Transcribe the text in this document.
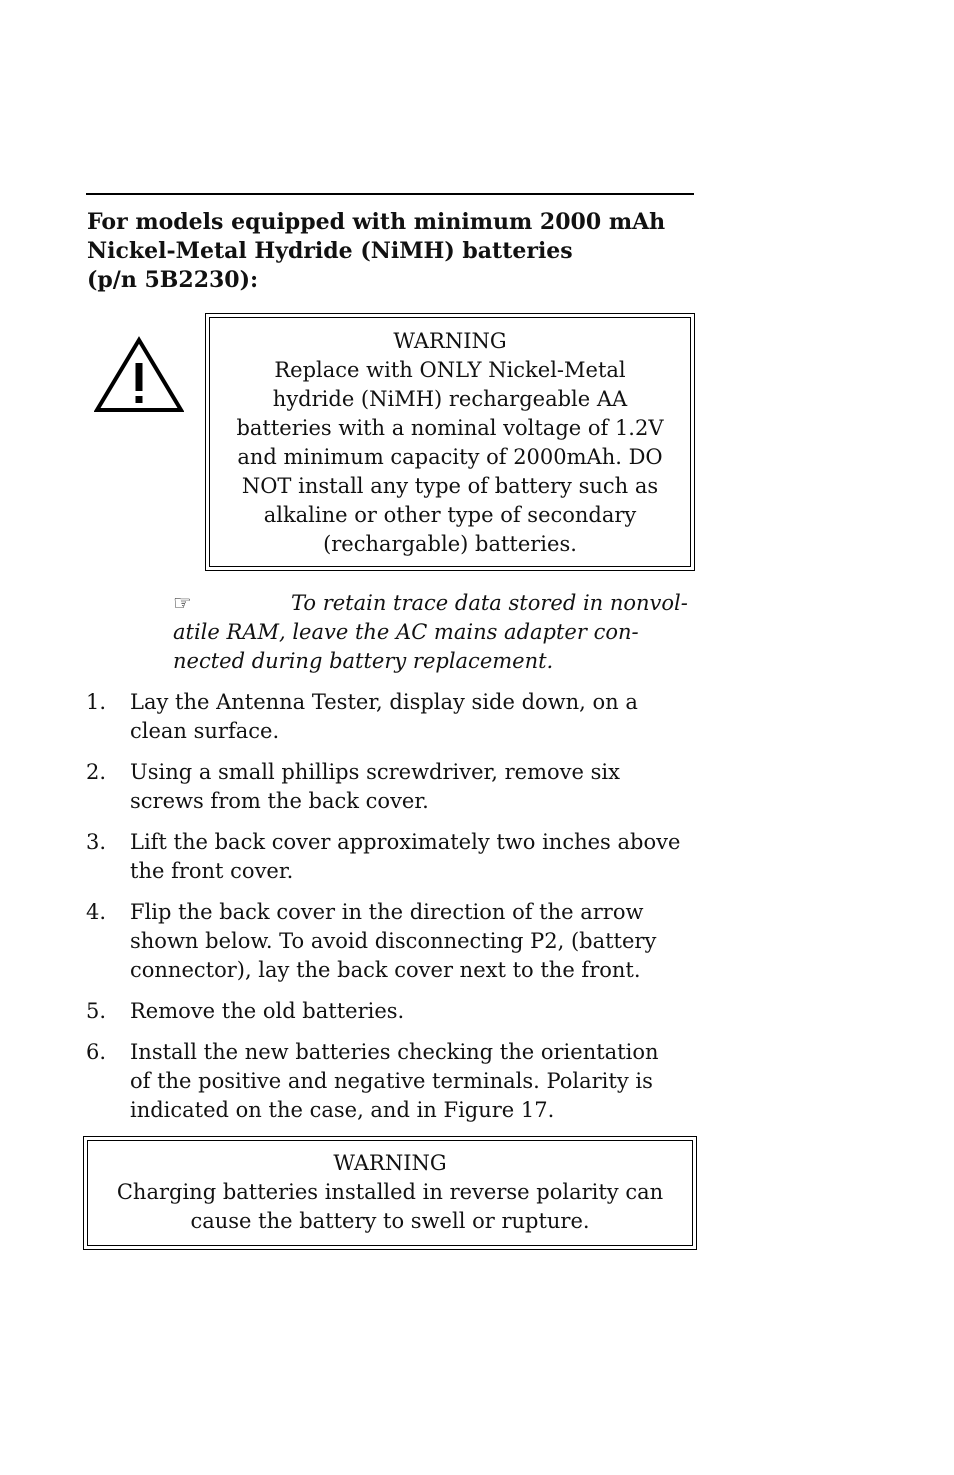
For models equipped with minimum 2000 mAh
Nickel-Metal Hydride (NiMH) batteries
(p/n 5B2230):
WARNING
Replace with ONLY Nickel-Metal
hydride (NiMH) rechargeable AA
batteries with a nominal voltage of 1.2V
and minimum capacity of 2000mAh. DO
NOT install any type of battery such as
alkaline or other type of secondary
(rechargable) batteries.
☞	To retain trace data stored in nonvol-
atile RAM, leave the AC mains adapter con-
nected during battery replacement.
1. Lay the Antenna Tester, display side down, on a
clean surface.
2. Using a small phillips screwdriver, remove six
screws from the back cover.
3. Lift the back cover approximately two inches above
the front cover.
4. Flip the back cover in the direction of the arrow
shown below. To avoid disconnecting P2, (battery
connector), lay the back cover next to the front.
5. Remove the old batteries.
6. Install the new batteries checking the orientation
of the positive and negative terminals. Polarity is
indicated on the case, and in Figure 17.
WARNING
Charging batteries installed in reverse polarity can
cause the battery to swell or rupture.
